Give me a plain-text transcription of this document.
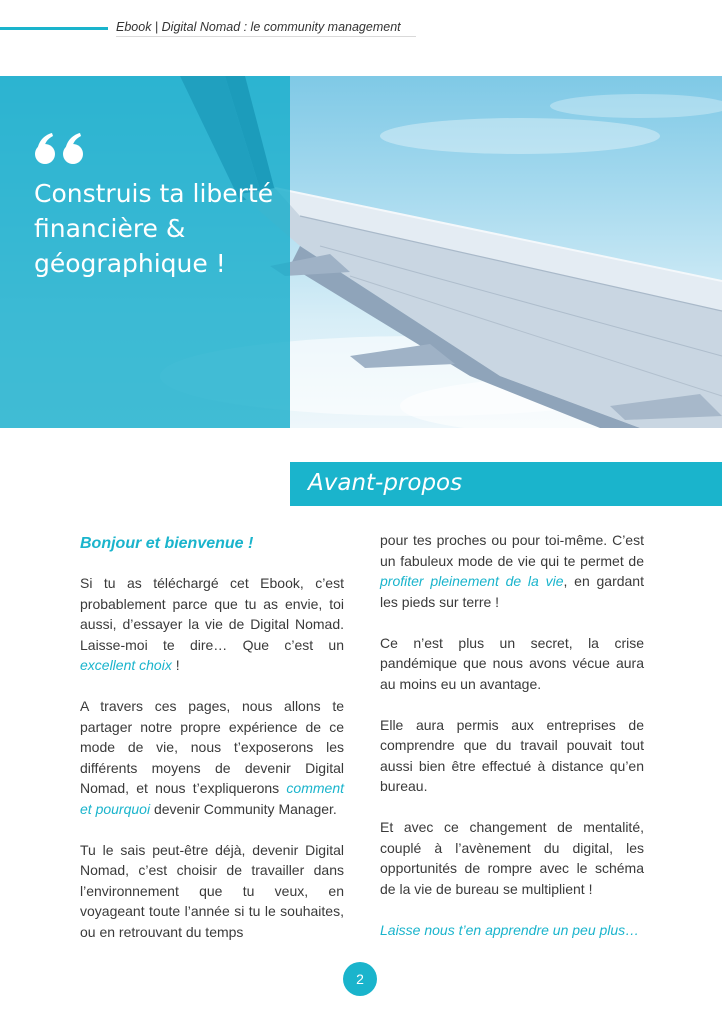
Ebook | Digital Nomad : le community management
Construis ta liberté financière & géographique !
Avant-propos

Bonjour et bienvenue !

Si tu as téléchargé cet Ebook, c’est probablement parce que tu as envie, toi aussi, d’essayer la vie de Digital Nomad. Laisse-moi te dire… Que c’est un excellent choix !

A travers ces pages, nous allons te partager notre propre expérience de ce mode de vie, nous t’exposerons les différents moyens de devenir Digital Nomad, et nous t’expliquerons comment et pourquoi devenir Community Manager.

Tu le sais peut-être déjà, devenir Digital Nomad, c’est choisir de travailler dans l’environnement que tu veux, en voyageant toute l’année si tu le souhaites, ou en retrouvant du temps

pour tes proches ou pour toi-même. C’est un fabuleux mode de vie qui te permet de profiter pleinement de la vie, en gardant les pieds sur terre !

Ce n’est plus un secret, la crise pandémique que nous avons vécue aura au moins eu un avantage.

Elle aura permis aux entreprises de comprendre que du travail pouvait tout aussi bien être effectué à distance qu’en bureau.

Et avec ce changement de mentalité, couplé à l’avènement du digital, les opportunités de rompre avec le schéma de la vie de bureau se multiplient !

Laisse nous t’en apprendre un peu plus…

2
